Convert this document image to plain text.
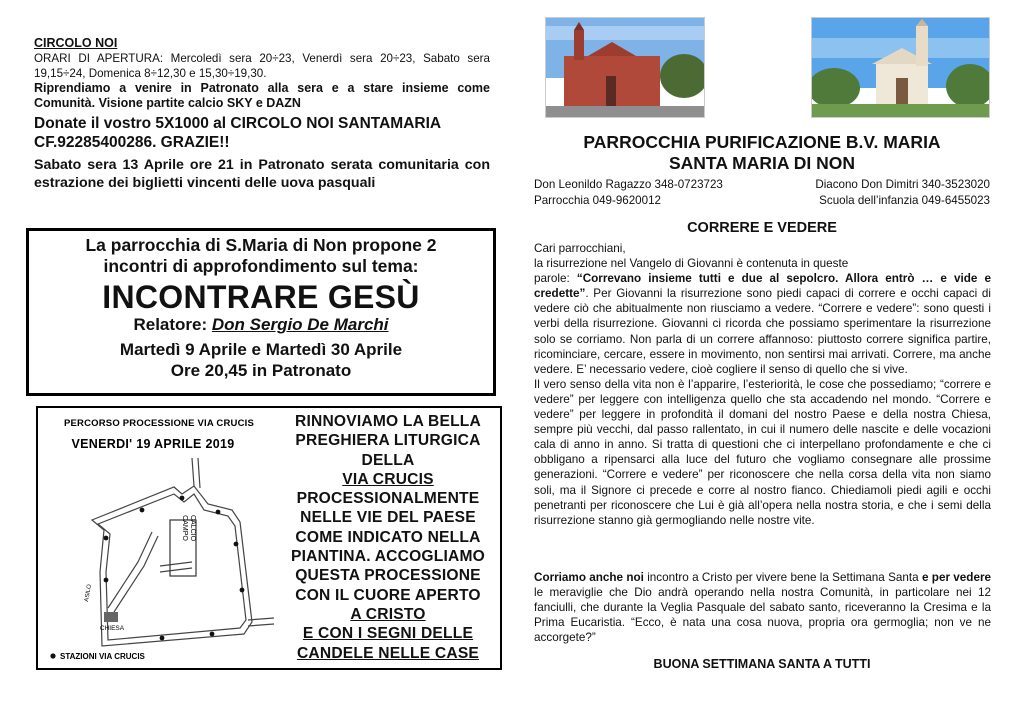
CIRCOLO NOI
ORARI DI APERTURA: Mercoledì sera 20÷23, Venerdì sera 20÷23, Sabato sera 19,15÷24, Domenica 8÷12,30 e 15,30÷19,30.
Riprendiamo a venire in Patronato alla sera e a stare insieme come Comunità. Visione partite calcio SKY e DAZN
Donate il vostro 5X1000 al CIRCOLO NOI SANTAMARIA CF.92285400286. GRAZIE!!
Sabato sera 13 Aprile ore 21 in Patronato serata comunitaria con estrazione dei biglietti vincenti delle uova pasquali
La parrocchia di S.Maria di Non propone 2
incontri di approfondimento sul tema:
INCONTRARE GESÙ
Relatore: Don Sergio De Marchi
Martedì 9 Aprile e Martedì 30 Aprile
Ore 20,45 in Patronato
PERCORSO PROCESSIONE VIA CRUCIS
VENERDI' 19 APRILE 2019
CAMPO CALCIO
CHIESA
ASILO
STAZIONI VIA CRUCIS
RINNOVIAMO LA BELLA
PREGHIERA LITURGICA
DELLA
VIA CRUCIS
PROCESSIONALMENTE
NELLE VIE DEL PAESE
COME INDICATO NELLA
PIANTINA. ACCOGLIAMO
QUESTA PROCESSIONE
CON IL CUORE APERTO
A CRISTO
E CON I SEGNI DELLE
CANDELE NELLE CASE
PARROCCHIA PURIFICAZIONE B.V. MARIA
SANTA MARIA DI NON
Don Leonildo Ragazzo 348-0723723	Diacono Don Dimitri 340-3523020
Parrocchia 049-9620012	Scuola dell’infanzia 049-6455023
CORRERE E VEDERE

Cari parrocchiani,

la risurrezione nel Vangelo di Giovanni è contenuta in queste

parole: “Correvano insieme tutti e due al sepolcro. Allora entrò … e vide e credette”. Per Giovanni la risurrezione sono piedi capaci di correre e occhi capaci di vedere ciò che abitualmente non riusciamo a vedere. “Correre e vedere”: sono questi i verbi della risurrezione. Giovanni ci ricorda che possiamo sperimentare la risurrezione solo se corriamo. Non parla di un correre affannoso: piuttosto correre significa partire, ricominciare, cercare, essere in movimento, non sentirsi mai arrivati. Correre, ma anche vedere. E’ necessario vedere, cioè cogliere il senso di quello che si vive.

Il vero senso della vita non è l’apparire, l’esteriorità, le cose che possediamo; “correre e vedere” per leggere con intelligenza quello che sta accadendo nel mondo. “Correre e vedere” per leggere in profondità il domani del nostro Paese e della nostra Chiesa, sempre più vecchi, dal passo rallentato, in cui il numero delle nascite e delle vocazioni cala di anno in anno. Si tratta di questioni che ci interpellano profondamente e che ci obbligano a ripensarci alla luce del futuro che vogliamo consegnare alle prossime generazioni. “Correre e vedere” per riconoscere che nella corsa della vita non siamo soli, ma il Signore ci precede e corre al nostro fianco. Chiediamoli piedi agili e occhi penetranti per riconoscere che Lui è già all’opera nella nostra storia, e che i semi della risurrezione stanno già germogliando nelle nostre vite.

Corriamo anche noi incontro a Cristo per vivere bene la Settimana Santa e per vedere le meraviglie che Dio andrà operando nella nostra Comunità, in particolare nei 12 fanciulli, che durante la Veglia Pasquale del sabato santo, riceveranno la Cresima e la Prima Eucaristia. “Ecco, è nata una cosa nuova, propria ora germoglia; non ve ne accorgete?”
BUONA SETTIMANA SANTA A TUTTI
